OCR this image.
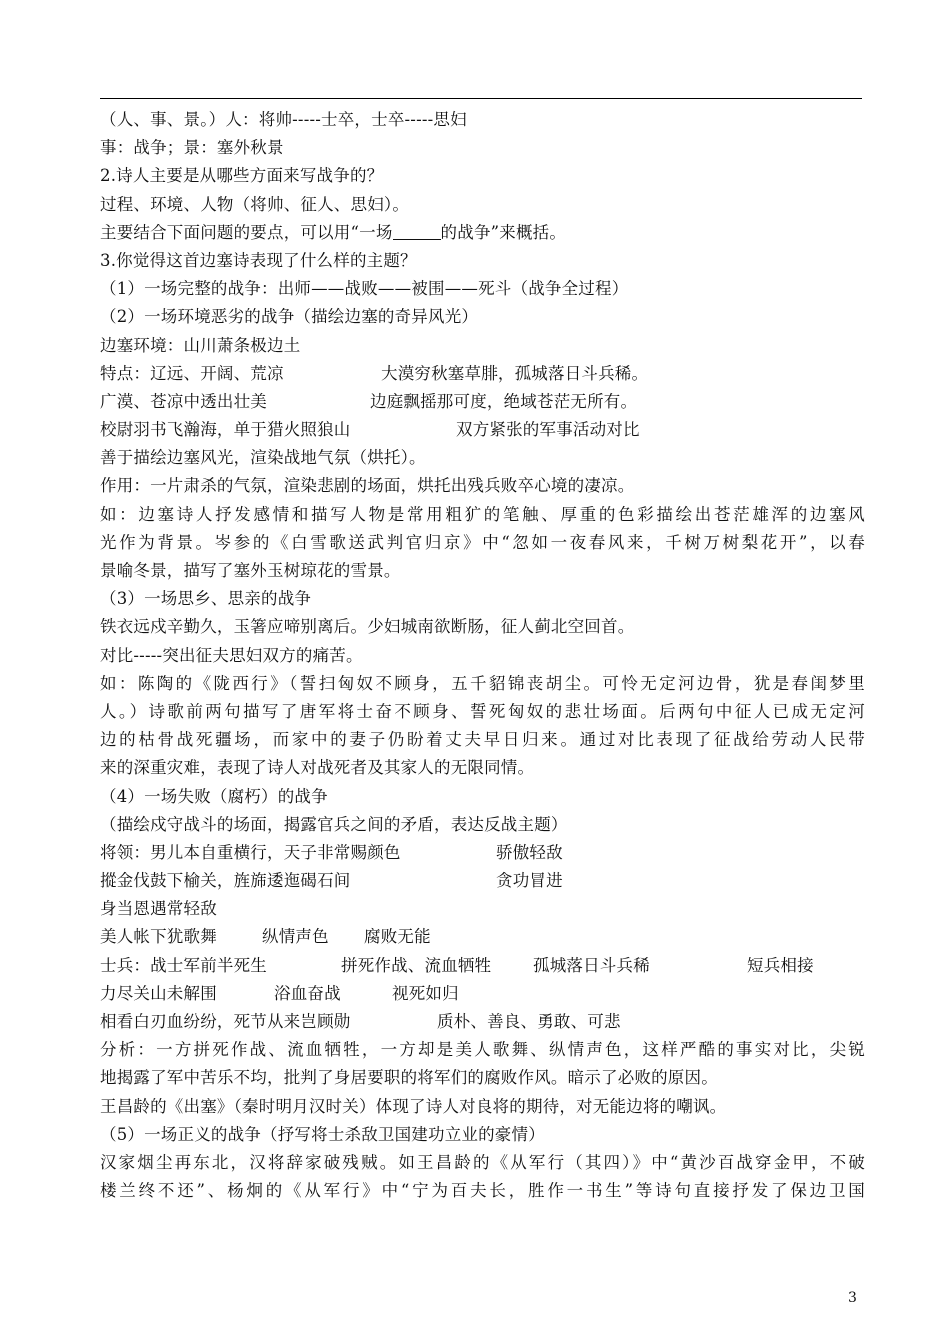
（人、事、景。）人：将帅-----士卒，士卒-----思妇
事：战争；景：塞外秋景
2.诗人主要是从哪些方面来写战争的？
过程、环境、人物（将帅、征人、思妇）。
主要结合下面问题的要点，可以用“一场	的战争”来概括。
3.你觉得这首边塞诗表现了什么样的主题？
（1）一场完整的战争：出师——战败——被围——死斗（战争全过程）
（2）一场环境恶劣的战争（描绘边塞的奇异风光）
边塞环境：山川萧条极边土
特点：辽远、开阔、荒凉	大漠穷秋塞草腓，孤城落日斗兵稀。
广漠、苍凉中透出壮美	边庭飘摇那可度，绝域苍茫无所有。
校尉羽书飞瀚海，单于猎火照狼山	双方紧张的军事活动对比
善于描绘边塞风光，渲染战地气氛（烘托）。
作用：一片肃杀的气氛，渲染悲剧的场面，烘托出残兵败卒心境的凄凉。
如：边塞诗人抒发感情和描写人物是常用粗犷的笔触、厚重的色彩描绘出苍茫雄浑的边塞风
光作为背景。岑参的《白雪歌送武判官归京》中“忽如一夜春风来，千树万树梨花开”，以春
景喻冬景，描写了塞外玉树琼花的雪景。
（3）一场思乡、思亲的战争
铁衣远戍辛勤久，玉箸应啼别离后。少妇城南欲断肠，征人蓟北空回首。
对比-----突出征夫思妇双方的痛苦。
如：陈陶的《陇西行》（誓扫匈奴不顾身，五千貂锦丧胡尘。可怜无定河边骨，犹是春闺梦里
人。）诗歌前两句描写了唐军将士奋不顾身、誓死匈奴的悲壮场面。后两句中征人已成无定河
边的枯骨战死疆场，而家中的妻子仍盼着丈夫早日归来。通过对比表现了征战给劳动人民带
来的深重灾难，表现了诗人对战死者及其家人的无限同情。
（4）一场失败（腐朽）的战争
（描绘戍守战斗的场面，揭露官兵之间的矛盾，表达反战主题）
将领：男儿本自重横行，天子非常赐颜色	骄傲轻敌
摐金伐鼓下榆关，旌旆逶迤碣石间	贪功冒进
身当恩遇常轻敌
美人帐下犹歌舞	纵情声色 腐败无能
士兵：战士军前半死生	拼死作战、流血牺牲	孤城落日斗兵稀	短兵相接
力尽关山未解围	浴血奋战	视死如归
相看白刃血纷纷，死节从来岂顾勋	质朴、善良、勇敢、可悲
分析：一方拼死作战、流血牺牲，一方却是美人歌舞、纵情声色，这样严酷的事实对比，尖锐
地揭露了军中苦乐不均，批判了身居要职的将军们的腐败作风。暗示了必败的原因。
王昌龄的《出塞》（秦时明月汉时关）体现了诗人对良将的期待，对无能边将的嘲讽。
（5）一场正义的战争（抒写将士杀敌卫国建功立业的豪情）
汉家烟尘再东北，汉将辞家破残贼。如王昌龄的《从军行（其四）》中“黄沙百战穿金甲，不破
楼兰终不还”、杨炯的《从军行》中“宁为百夫长，胜作一书生”等诗句直接抒发了保边卫国
3
